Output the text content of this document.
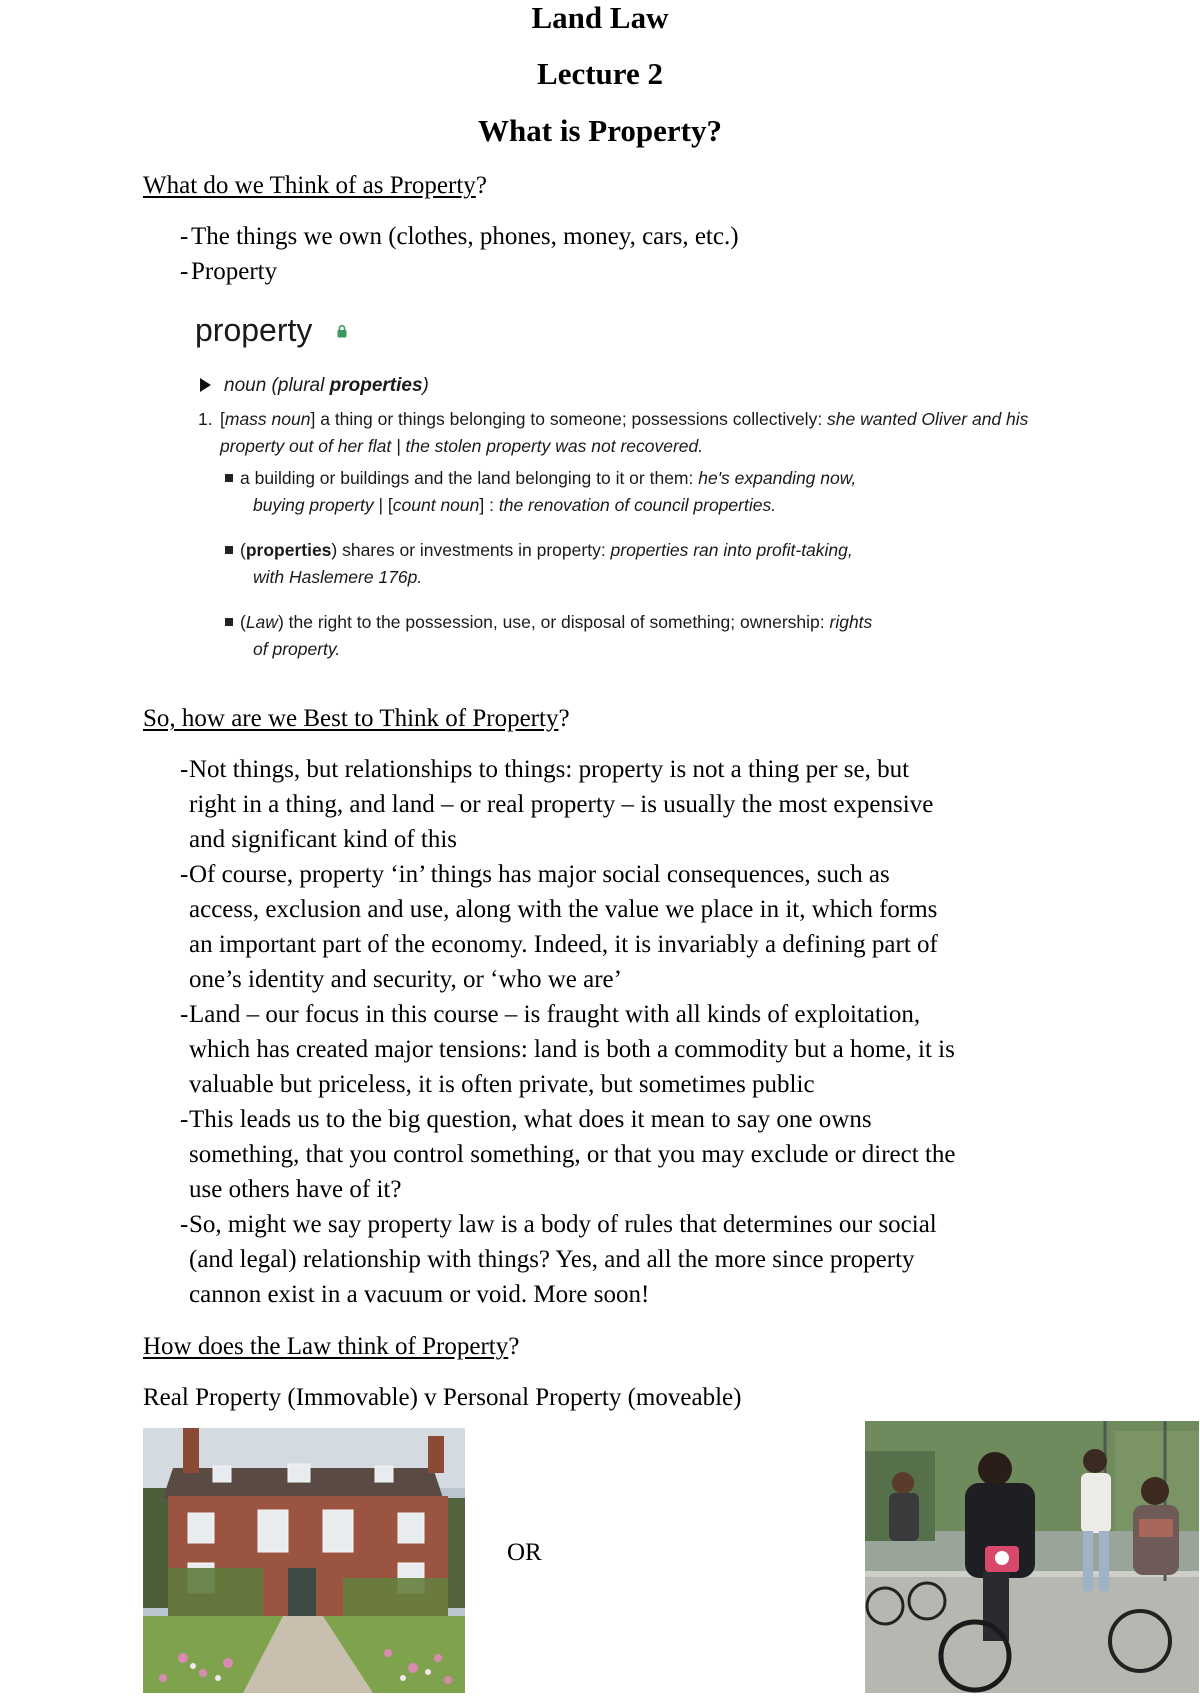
Land Law
Lecture 2
What is Property?
What do we Think of as Property?
- The things we own (clothes, phones, money, cars, etc.)
- Property
property
noun (plural properties)
1. [mass noun] a thing or things belonging to someone; possessions collectively: she wanted Oliver and his property out of her flat | the stolen property was not recovered.
a building or buildings and the land belonging to it or them: he's expanding now,
buying property | [count noun] : the renovation of council properties.
(properties) shares or investments in property: properties ran into profit-taking,
with Haslemere 176p.
(Law) the right to the possession, use, or disposal of something; ownership: rights
of property.
So, how are we Best to Think of Property?
- Not things, but relationships to things: property is not a thing per se, but
right in a thing, and land – or real property – is usually the most expensive
and significant kind of this
- Of course, property ‘in’ things has major social consequences, such as
access, exclusion and use, along with the value we place in it, which forms
an important part of the economy. Indeed, it is invariably a defining part of
one’s identity and security, or ‘who we are’
- Land – our focus in this course – is fraught with all kinds of exploitation,
which has created major tensions: land is both a commodity but a home, it is
valuable but priceless, it is often private, but sometimes public
- This leads us to the big question, what does it mean to say one owns
something, that you control something, or that you may exclude or direct the
use others have of it?
- So, might we say property law is a body of rules that determines our social
(and legal) relationship with things? Yes, and all the more since property
cannon exist in a vacuum or void. More soon!
How does the Law think of Property?
Real Property (Immovable) v Personal Property (moveable)
OR
